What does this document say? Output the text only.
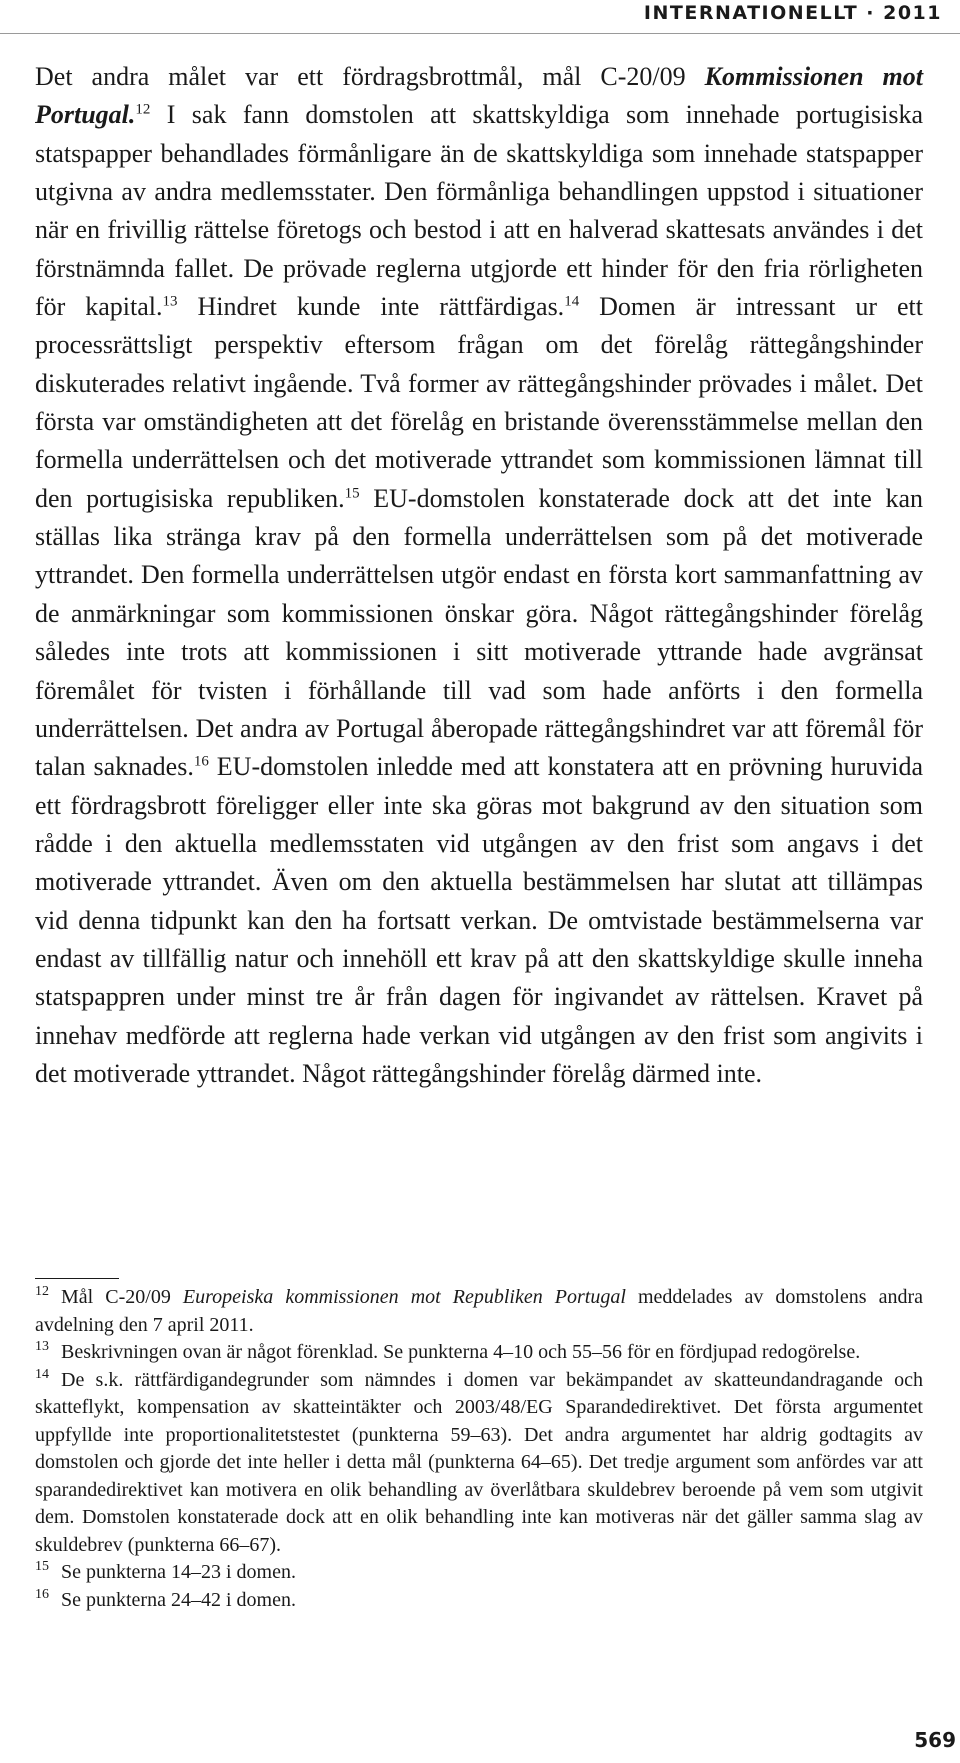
INTERNATIONELLT · 2011

Det andra målet var ett fördragsbrottmål, mål C-20/09 Kommissionen mot Portugal.$^{12}$ I sak fann domstolen att skattskyldiga som innehade portugisiska statspapper behandlades förmånligare än de skattskyldiga som innehade statspapper utgivna av andra medlemsstater. Den förmånliga behandlingen uppstod i situationer när en frivillig rättelse företogs och bestod i att en halverad skattesats användes i det förstnämnda fallet. De prövade reglerna utgjorde ett hinder för den fria rörligheten för kapital.$^{13}$ Hindret kunde inte rättfärdigas.$^{14}$ Domen är intressant ur ett processrättsligt perspektiv eftersom frågan om det förelåg rättegångshinder diskuterades relativt ingående. Två former av rättegångshinder prövades i målet. Det första var omständigheten att det förelåg en bristande överensstämmelse mellan den formella underrättelsen och det motiverade yttrandet som kommissionen lämnat till den portugisiska republiken.$^{15}$ EU-domstolen konstaterade dock att det inte kan ställas lika stränga krav på den formella underrättelsen som på det motiverade yttrandet. Den formella underrättelsen utgör endast en första kort sammanfattning av de anmärkningar som kommissionen önskar göra. Något rättegångshinder förelåg således inte trots att kommissionen i sitt motiverade yttrande hade avgränsat föremålet för tvisten i förhållande till vad som hade anförts i den formella underrättelsen. Det andra av Portugal åberopade rättegångshindret var att föremål för talan saknades.$^{16}$ EU-domstolen inledde med att konstatera att en prövning huruvida ett fördragsbrott föreligger eller inte ska göras mot bakgrund av den situation som rådde i den aktuella medlemsstaten vid utgången av den frist som angavs i det motiverade yttrandet. Även om den aktuella bestämmelsen har slutat att tillämpas vid denna tidpunkt kan den ha fortsatt verkan. De omtvistade bestämmelserna var endast av tillfällig natur och innehöll ett krav på att den skattskyldige skulle inneha statspappren under minst tre år från dagen för ingivandet av rättelsen. Kravet på innehav medförde att reglerna hade verkan vid utgången av den frist som angivits i det motiverade yttrandet. Något rättegångshinder förelåg därmed inte.

$^{12}$ Mål C-20/09 Europeiska kommissionen mot Republiken Portugal meddelades av domstolens andra avdelning den 7 april 2011.

$^{13}$ Beskrivningen ovan är något förenklad. Se punkterna 4–10 och 55–56 för en fördjupad redogörelse.

$^{14}$ De s.k. rättfärdigandegrunder som nämndes i domen var bekämpandet av skatteundandragande och skatteflykt, kompensation av skatteintäkter och 2003/48/EG Sparandedirektivet. Det första argumentet uppfyllde inte proportionalitetstestet (punkterna 59–63). Det andra argumentet har aldrig godtagits av domstolen och gjorde det inte heller i detta mål (punkterna 64–65). Det tredje argument som anfördes var att sparandedirektivet kan motivera en olik behandling av överlåtbara skuldebrev beroende på vem som utgivit dem. Domstolen konstaterade dock att en olik behandling inte kan motiveras när det gäller samma slag av skuldebrev (punkterna 66–67).

$^{15}$ Se punkterna 14–23 i domen.

$^{16}$ Se punkterna 24–42 i domen.

569
